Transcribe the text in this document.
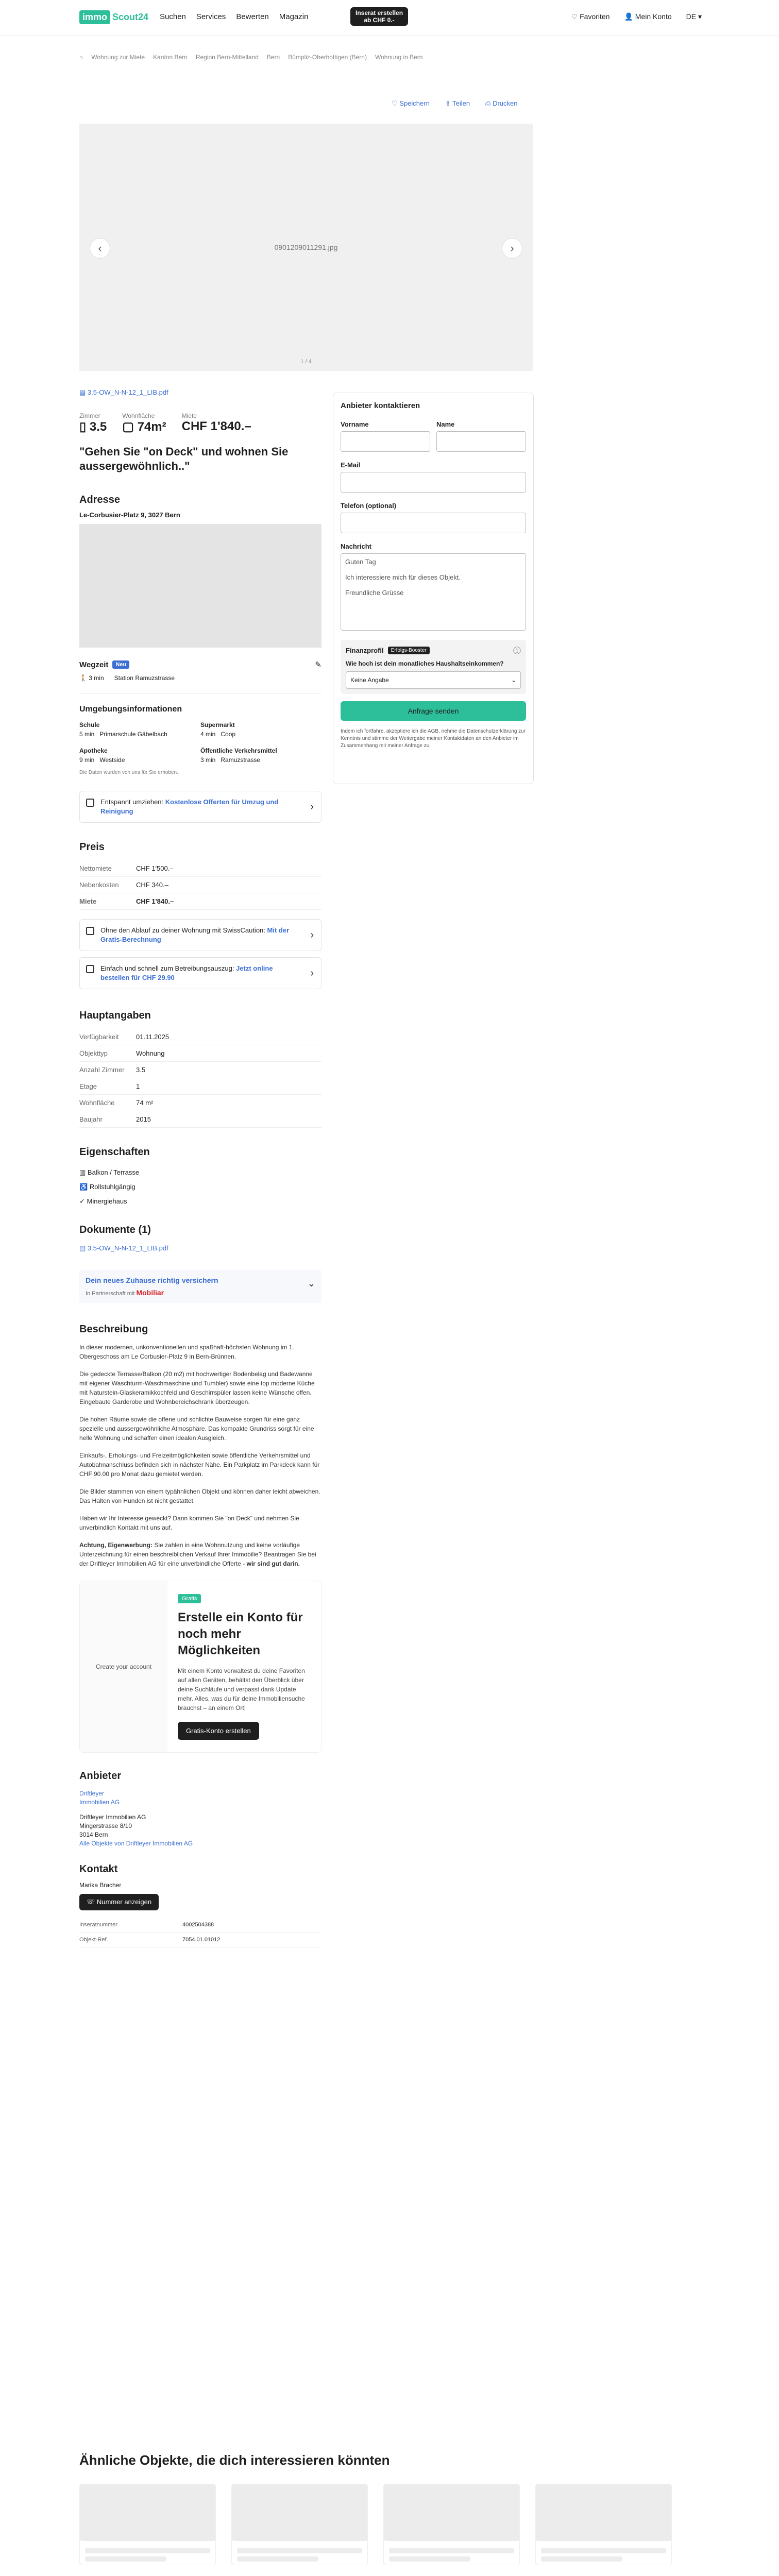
immo Scout24 Suchen Services Bewerten Magazin	Inserat erstellen
ab CHF 0.-	♡ Favoriten 👤 Mein Konto DE ▾
⌂ Wohnung zur Miete Kanton Bern Region Bern-Mittelland Bern Bümpliz-Oberbottigen (Bern) Wohnung in Bern
♡ Speichern ⇪ Teilen ⎙ Drucken
0901209011291.jpg
‹	›
1 / 4
▤ 3.5-OW_N-N-12_1_LIB.pdf
Zimmer
▯ 3.5
Wohnfläche
▢ 74m²
Miete
CHF 1'840.–
"Gehen Sie "on Deck" und wohnen Sie aussergewöhnlich.."
Adresse
Le-Corbusier-Platz 9, 3027 Bern
Wegzeit	Neu	✎
🚶 3 min Station Ramuzstrasse
Umgebungsinformationen
Schule
5 min Primarschule Gäbelbach
Supermarkt
4 min Coop
Apotheke
9 min Westside
Öffentliche Verkehrsmittel
3 min Ramuzstrasse
Die Daten wurden von uns für Sie erhoben.
Entspannt umziehen: Kostenlose Offerten für Umzug und Reinigung	›
Preis
Nettomiete	CHF 1'500.–
Nebenkosten	CHF 340.–
Miete	CHF 1'840.–
Ohne den Ablauf zu deiner Wohnung mit SwissCaution: Mit der Gratis-Berechnung	›
Einfach und schnell zum Betreibungsauszug: Jetzt online bestellen für CHF 29.90	›
Hauptangaben
Verfügbarkeit	01.11.2025
Objekttyp	Wohnung
Anzahl Zimmer	3.5
Etage	1
Wohnfläche	74 m²
Baujahr	2015
Eigenschaften
▥ Balkon / Terrasse
♿ Rollstuhlgängig
✓ Minergiehaus
Dokumente (1)
▤ 3.5-OW_N-N-12_1_LIB.pdf
Dein neues Zuhause richtig versichern
In Partnerschaft mit Mobiliar
⌄
Beschreibung

In dieser modernen, unkonventionellen und spaßhaft-höchsten Wohnung im 1. Obergeschoss am Le Corbusier-Platz 9 in Bern-Brünnen.

Die gedeckte Terrasse/Balkon (20 m2) mit hochwertiger Bodenbelag und Badewanne mit eigener Waschturm-Waschmaschine und Tumbler) sowie eine top moderne Küche mit Naturstein-Glaskeramikkochfeld und Geschirrspüler lassen keine Wünsche offen. Eingebaute Garderobe und Wohnbereichschrank überzeugen.

Die hohen Räume sowie die offene und schlichte Bauweise sorgen für eine ganz spezielle und aussergewöhnliche Atmosphäre. Das kompakte Grundriss sorgt für eine helle Wohnung und schaffen einen idealen Ausgleich.

Einkaufs-, Erholungs- und Freizeitmöglichkeiten sowie öffentliche Verkehrsmittel und Autobahnanschluss befinden sich in nächster Nähe. Ein Parkplatz im Parkdeck kann für CHF 90.00 pro Monat dazu gemietet werden.

Die Bilder stammen von einem typähnlichen Objekt und können daher leicht abweichen. Das Halten von Hunden ist nicht gestattet.

Haben wir Ihr Interesse geweckt? Dann kommen Sie "on Deck" und nehmen Sie unverbindlich Kontakt mit uns auf.

Achtung, Eigenwerbung: Sie zahlen in eine Wohnnutzung und keine vorläufige Unterzeichnung für einen beschreiblichen Verkauf Ihrer Immobilie? Beantragen Sie bei der Driftleyer Immobilien AG für eine unverbindliche Offerte - wir sind gut darin.

Create your account
Gratis
Erstelle ein Konto für noch mehr Möglichkeiten
Mit einem Konto verwaltest du deine Favoriten auf allen Geräten, behältst den Überblick über deine Suchläufe und verpasst dank Update mehr. Alles, was du für deine Immobiliensuche brauchst – an einem Ort!
Gratis-Konto erstellen
Anbieter
Driftleyer
Immobilien AG
Driftleyer Immobilien AG
Mingerstrasse 8/10
3014 Bern
Alle Objekte von Driftleyer Immobilien AG
Kontakt
Marika Bracher
☏ Nummer anzeigen
Inseratnummer	4002504388
Objekt-Ref.	7054.01.01012
Anbieter kontaktieren
Vorname	Name
E-Mail
Telefon (optional)
Nachricht
Guten Tag

Ich interessiere mich für dieses Objekt.

Freundliche Grüsse
Finanzprofil	Erfolgs-Booster	ⓘ
Wie hoch ist dein monatliches Haushaltseinkommen?
Keine Angabe	⌄
Anfrage senden
Indem ich fortfahre, akzeptiere ich die AGB, nehme die Datenschutzerklärung zur Kenntnis und stimme der Weitergabe meiner Kontaktdaten an den Anbieter im Zusammenhang mit meiner Anfrage zu.
Ähnliche Objekte, die dich interessieren könnten
